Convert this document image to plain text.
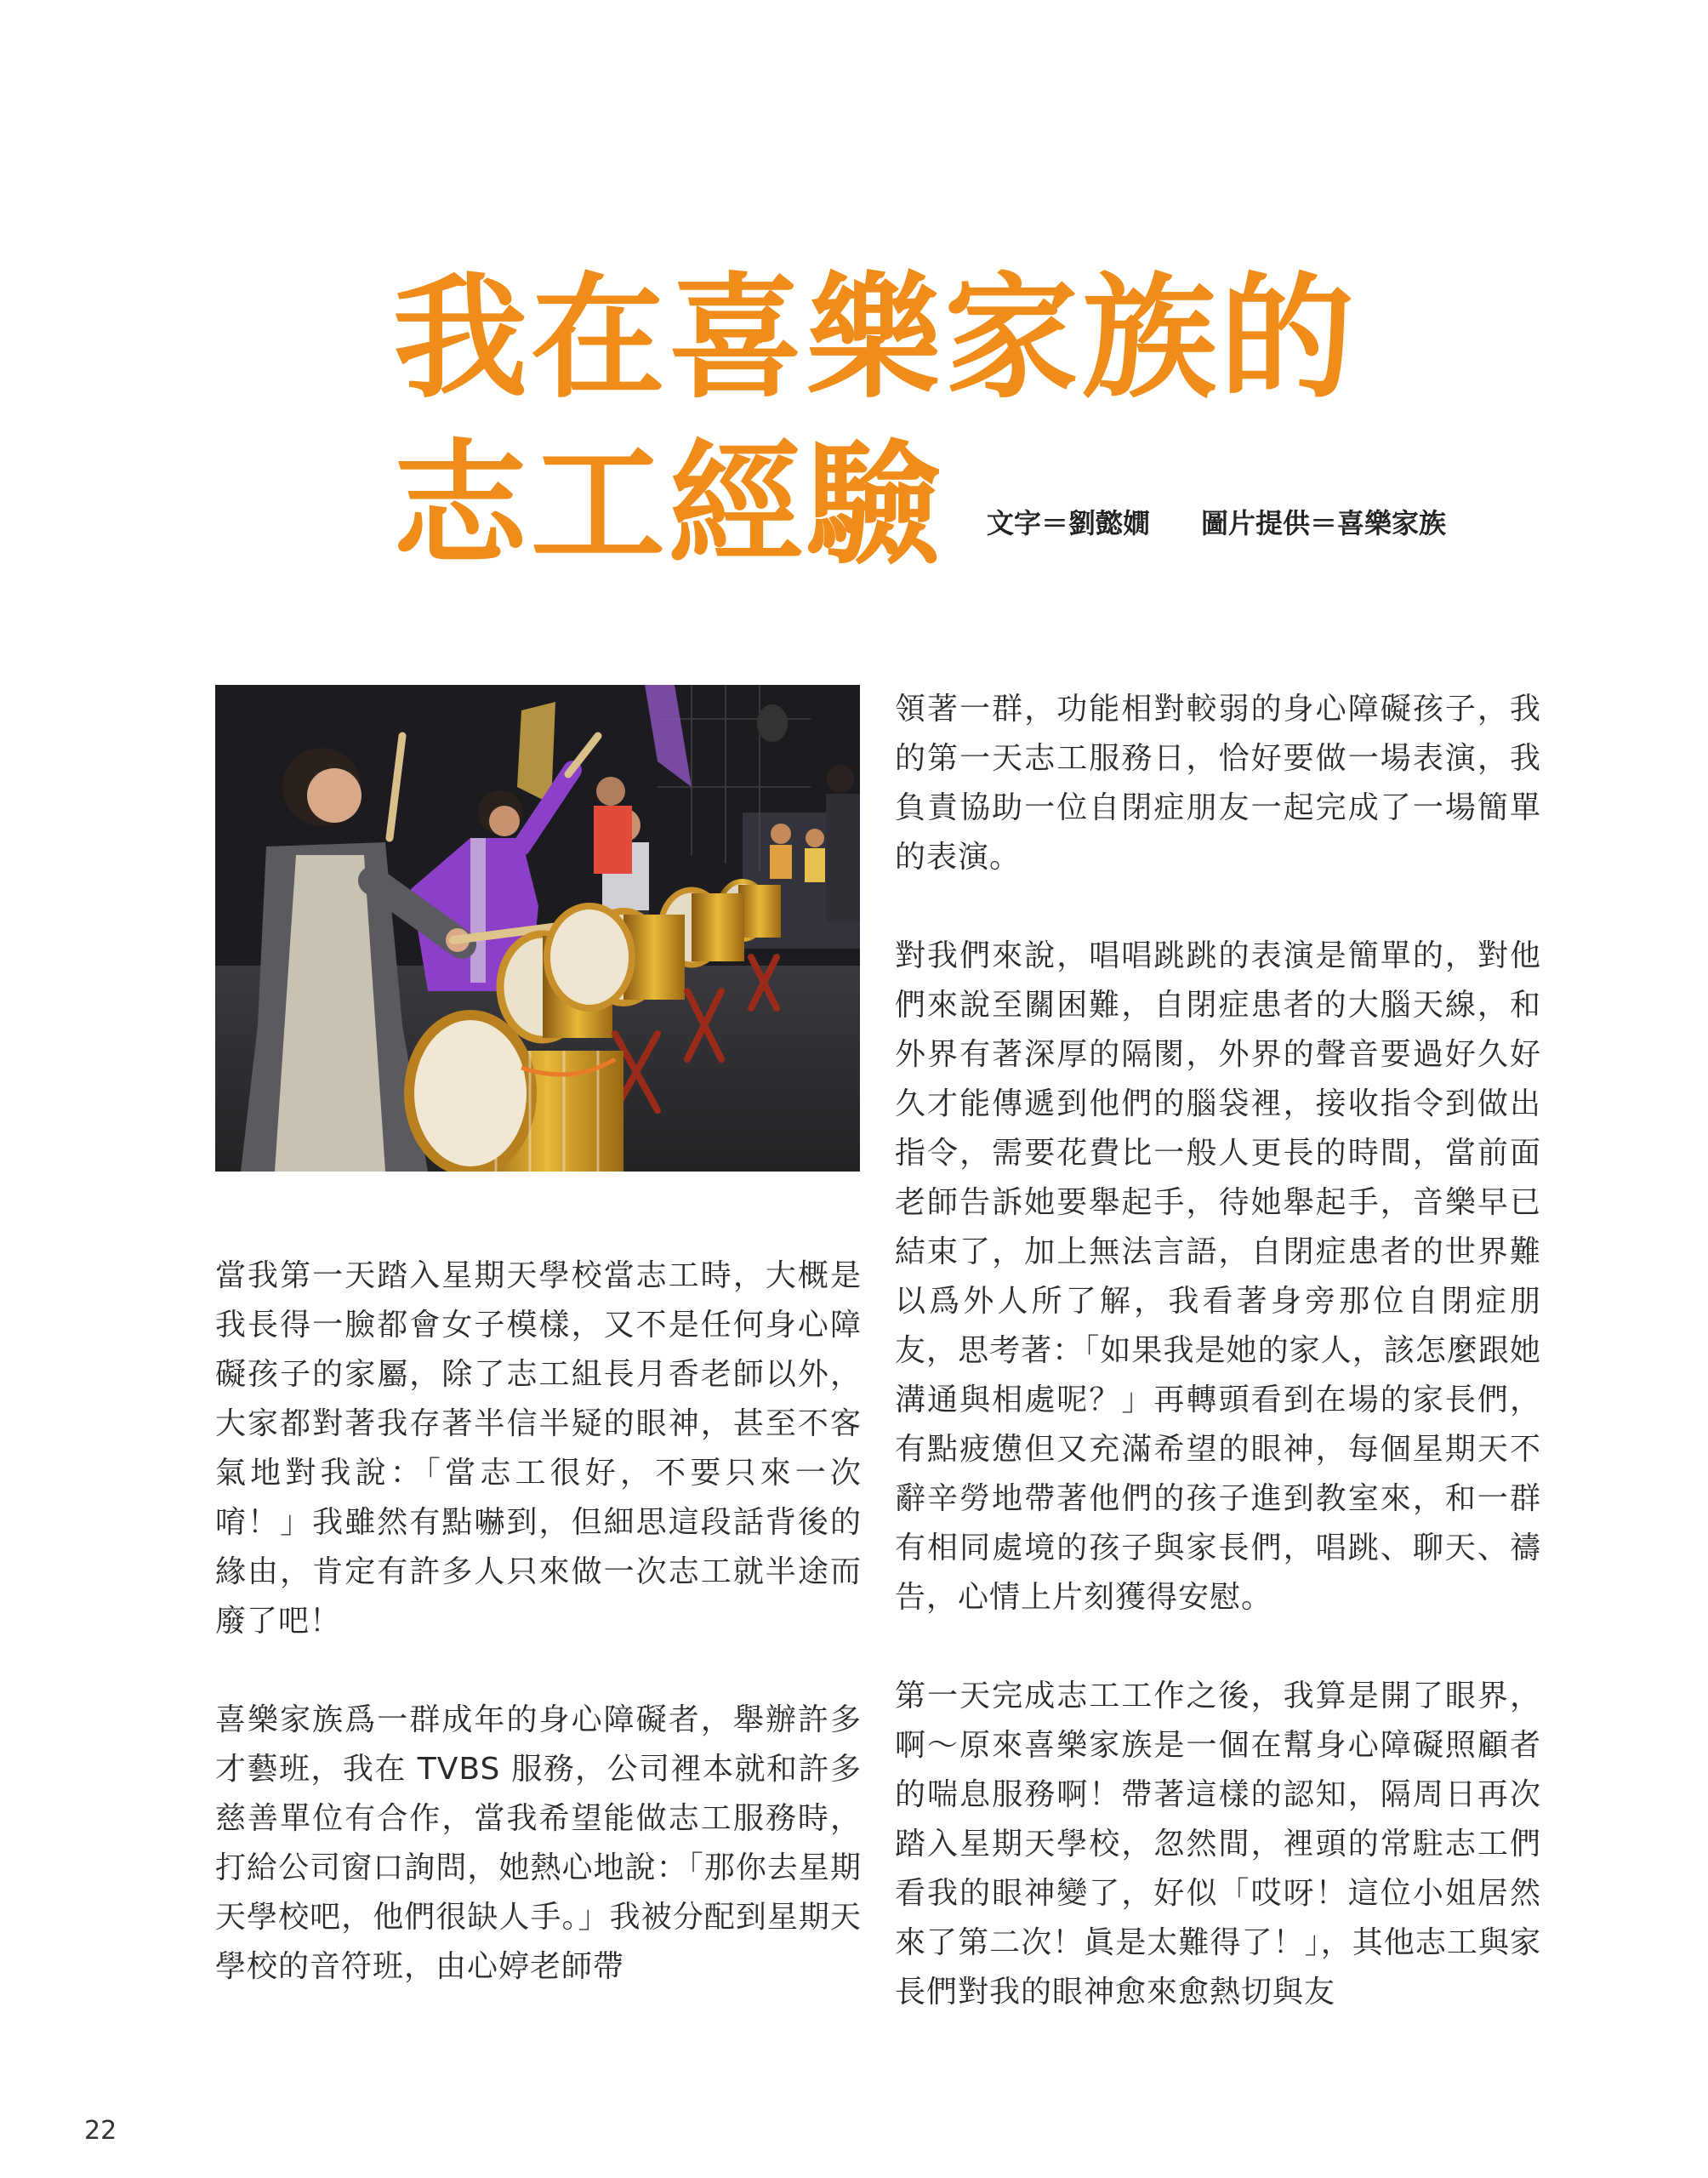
我在喜樂家族的
志工經驗	文字＝劉懿嫺 圖片提供＝喜樂家族

當我第一天踏入星期天學校當志工時，大概是我長得一臉都會女子模樣，又不是任何身心障礙孩子的家屬，除了志工組長月香老師以外，大家都對著我存著半信半疑的眼神，甚至不客氣地對我說：「當志工很好，不要只來一次唷！」我雖然有點嚇到，但細思這段話背後的緣由，肯定有許多人只來做一次志工就半途而廢了吧！

喜樂家族爲一群成年的身心障礙者，舉辦許多才藝班，我在 TVBS 服務，公司裡本就和許多慈善單位有合作，當我希望能做志工服務時，打給公司窗口詢問，她熱心地說：「那你去星期天學校吧，他們很缺人手。」我被分配到星期天學校的音符班，由心婷老師帶

領著一群，功能相對較弱的身心障礙孩子，我的第一天志工服務日，恰好要做一場表演，我負責協助一位自閉症朋友一起完成了一場簡單的表演。

對我們來說，唱唱跳跳的表演是簡單的，對他們來說至關困難，自閉症患者的大腦天線，和外界有著深厚的隔閡，外界的聲音要過好久好久才能傳遞到他們的腦袋裡，接收指令到做出指令，需要花費比一般人更長的時間，當前面老師告訴她要舉起手，待她舉起手，音樂早已結束了，加上無法言語，自閉症患者的世界難以爲外人所了解，我看著身旁那位自閉症朋友，思考著：「如果我是她的家人，該怎麼跟她溝通與相處呢？」再轉頭看到在場的家長們，有點疲憊但又充滿希望的眼神，每個星期天不辭辛勞地帶著他們的孩子進到教室來，和一群有相同處境的孩子與家長們，唱跳、聊天、禱告，心情上片刻獲得安慰。

第一天完成志工工作之後，我算是開了眼界，啊～原來喜樂家族是一個在幫身心障礙照顧者的喘息服務啊！帶著這樣的認知，隔周日再次踏入星期天學校，忽然間，裡頭的常駐志工們看我的眼神變了，好似「哎呀！這位小姐居然來了第二次！眞是太難得了！」，其他志工與家長們對我的眼神愈來愈熱切與友

22
